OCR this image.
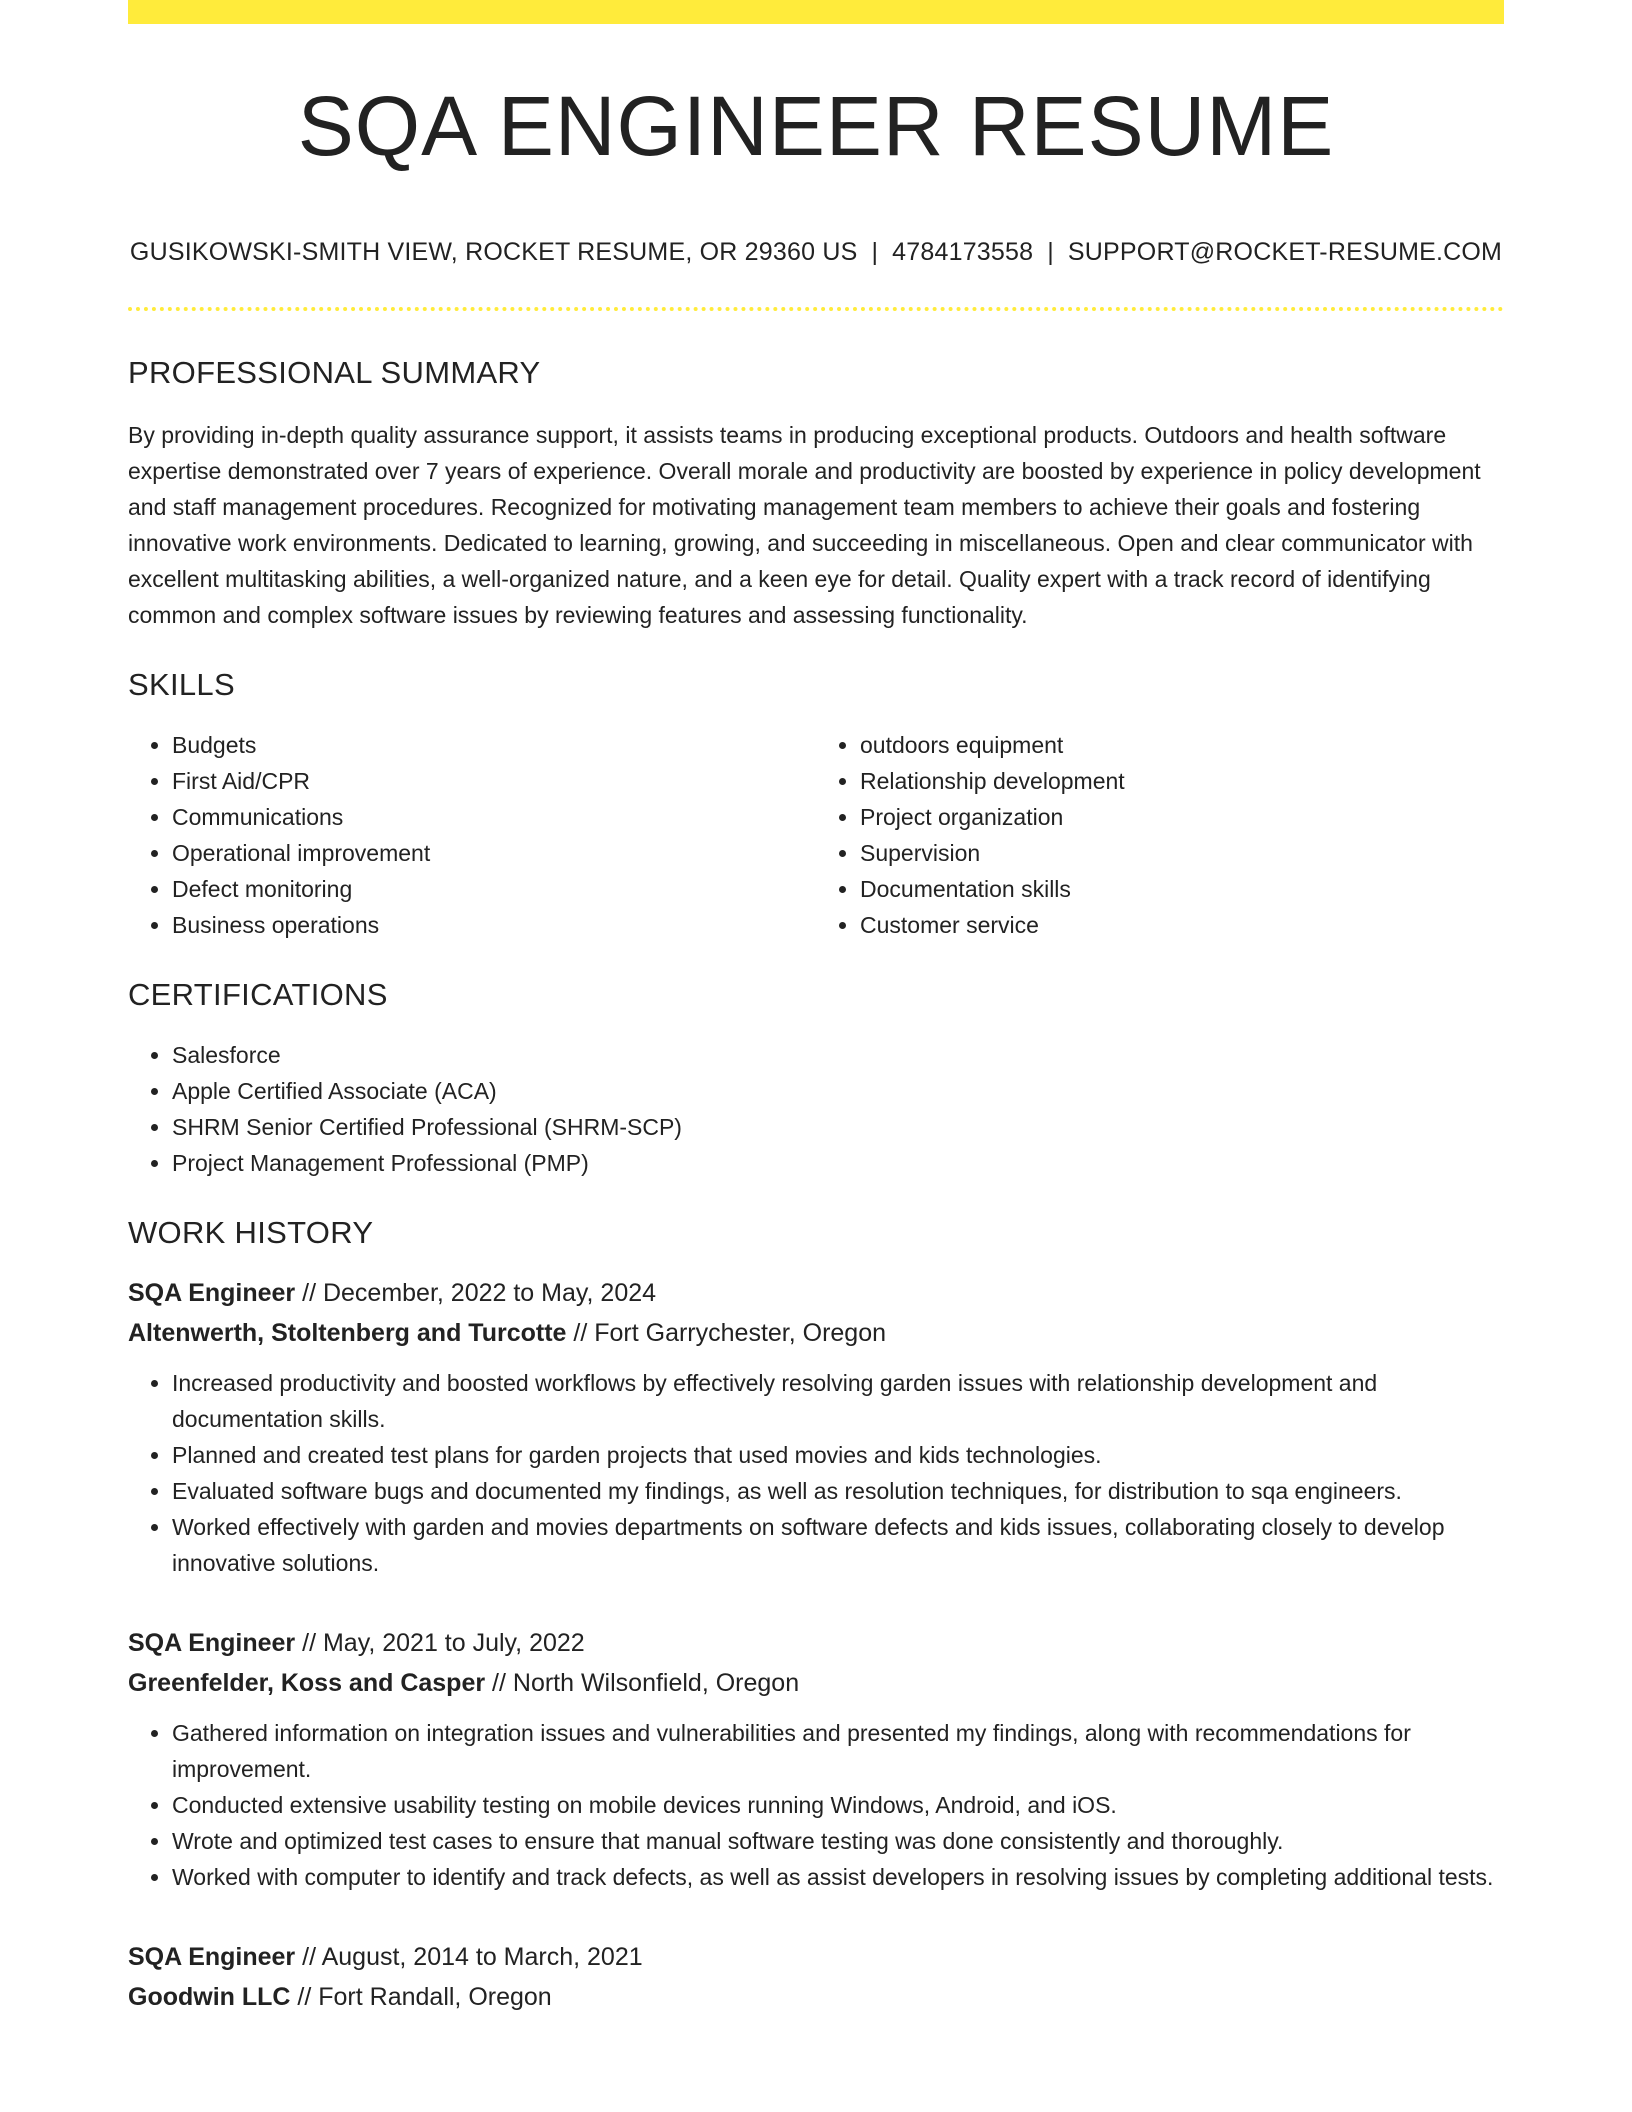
SQA ENGINEER RESUME
GUSIKOWSKI-SMITH VIEW, ROCKET RESUME, OR 29360 US | 4784173558 | SUPPORT@ROCKET-RESUME.COM
PROFESSIONAL SUMMARY

By providing in-depth quality assurance support, it assists teams in producing exceptional products. Outdoors and health software expertise demonstrated over 7 years of experience. Overall morale and productivity are boosted by experience in policy development and staff management procedures. Recognized for motivating management team members to achieve their goals and fostering innovative work environments. Dedicated to learning, growing, and succeeding in miscellaneous. Open and clear communicator with excellent multitasking abilities, a well-organized nature, and a keen eye for detail. Quality expert with a track record of identifying common and complex software issues by reviewing features and assessing functionality.

SKILLS
• Budgets
• First Aid/CPR
• Communications
• Operational improvement
• Defect monitoring
• Business operations
• outdoors equipment
• Relationship development
• Project organization
• Supervision
• Documentation skills
• Customer service
CERTIFICATIONS
• Salesforce
• Apple Certified Associate (ACA)
• SHRM Senior Certified Professional (SHRM-SCP)
• Project Management Professional (PMP)
WORK HISTORY
SQA Engineer // December, 2022 to May, 2024
Altenwerth, Stoltenberg and Turcotte // Fort Garrychester, Oregon
• Increased productivity and boosted workflows by effectively resolving garden issues with relationship development and documentation skills.
• Planned and created test plans for garden projects that used movies and kids technologies.
• Evaluated software bugs and documented my findings, as well as resolution techniques, for distribution to sqa engineers.
• Worked effectively with garden and movies departments on software defects and kids issues, collaborating closely to develop innovative solutions.
SQA Engineer // May, 2021 to July, 2022
Greenfelder, Koss and Casper // North Wilsonfield, Oregon
• Gathered information on integration issues and vulnerabilities and presented my findings, along with recommendations for improvement.
• Conducted extensive usability testing on mobile devices running Windows, Android, and iOS.
• Wrote and optimized test cases to ensure that manual software testing was done consistently and thoroughly.
• Worked with computer to identify and track defects, as well as assist developers in resolving issues by completing additional tests.
SQA Engineer // August, 2014 to March, 2021
Goodwin LLC // Fort Randall, Oregon
